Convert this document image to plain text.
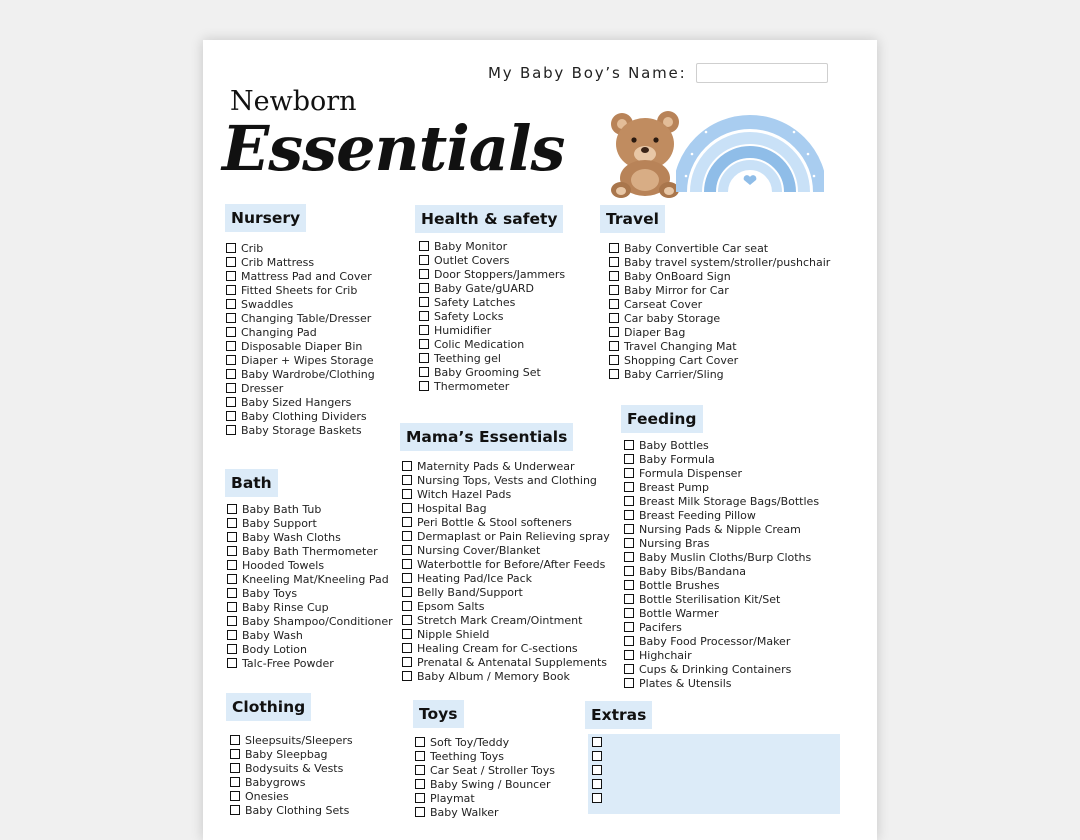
My Baby Boy’s Name:
Newborn
Essentials
Nursery
Crib
Crib Mattress
Mattress Pad and Cover
Fitted Sheets for Crib
Swaddles
Changing Table/Dresser
Changing Pad
Disposable Diaper Bin
Diaper + Wipes Storage
Baby Wardrobe/Clothing
Dresser
Baby Sized Hangers
Baby Clothing Dividers
Baby Storage Baskets
Health & safety
Baby Monitor
Outlet Covers
Door Stoppers/Jammers
Baby Gate/gUARD
Safety Latches
Safety Locks
Humidifier
Colic Medication
Teething gel
Baby Grooming Set
Thermometer
Travel
Baby Convertible Car seat
Baby travel system/stroller/pushchair
Baby OnBoard Sign
Baby Mirror for Car
Carseat Cover
Car baby Storage
Diaper Bag
Travel Changing Mat
Shopping Cart Cover
Baby Carrier/Sling
Bath
Baby Bath Tub
Baby Support
Baby Wash Cloths
Baby Bath Thermometer
Hooded Towels
Kneeling Mat/Kneeling Pad
Baby Toys
Baby Rinse Cup
Baby Shampoo/Conditioner
Baby Wash
Body Lotion
Talc-Free Powder
Mama’s Essentials
Maternity Pads & Underwear
Nursing Tops, Vests and Clothing
Witch Hazel Pads
Hospital Bag
Peri Bottle & Stool softeners
Dermaplast or Pain Relieving spray
Nursing Cover/Blanket
Waterbottle for Before/After Feeds
Heating Pad/Ice Pack
Belly Band/Support
Epsom Salts
Stretch Mark Cream/Ointment
Nipple Shield
Healing Cream for C-sections
Prenatal & Antenatal Supplements
Baby Album / Memory Book
Feeding
Baby Bottles
Baby Formula
Formula Dispenser
Breast Pump
Breast Milk Storage Bags/Bottles
Breast Feeding Pillow
Nursing Pads & Nipple Cream
Nursing Bras
Baby Muslin Cloths/Burp Cloths
Baby Bibs/Bandana
Bottle Brushes
Bottle Sterilisation Kit/Set
Bottle Warmer
Pacifers
Baby Food Processor/Maker
Highchair
Cups & Drinking Containers
Plates & Utensils
Clothing
Sleepsuits/Sleepers
Baby Sleepbag
Bodysuits & Vests
Babygrows
Onesies
Baby Clothing Sets
Toys
Soft Toy/Teddy
Teething Toys
Car Seat / Stroller Toys
Baby Swing / Bouncer
Playmat
Baby Walker
Extras
